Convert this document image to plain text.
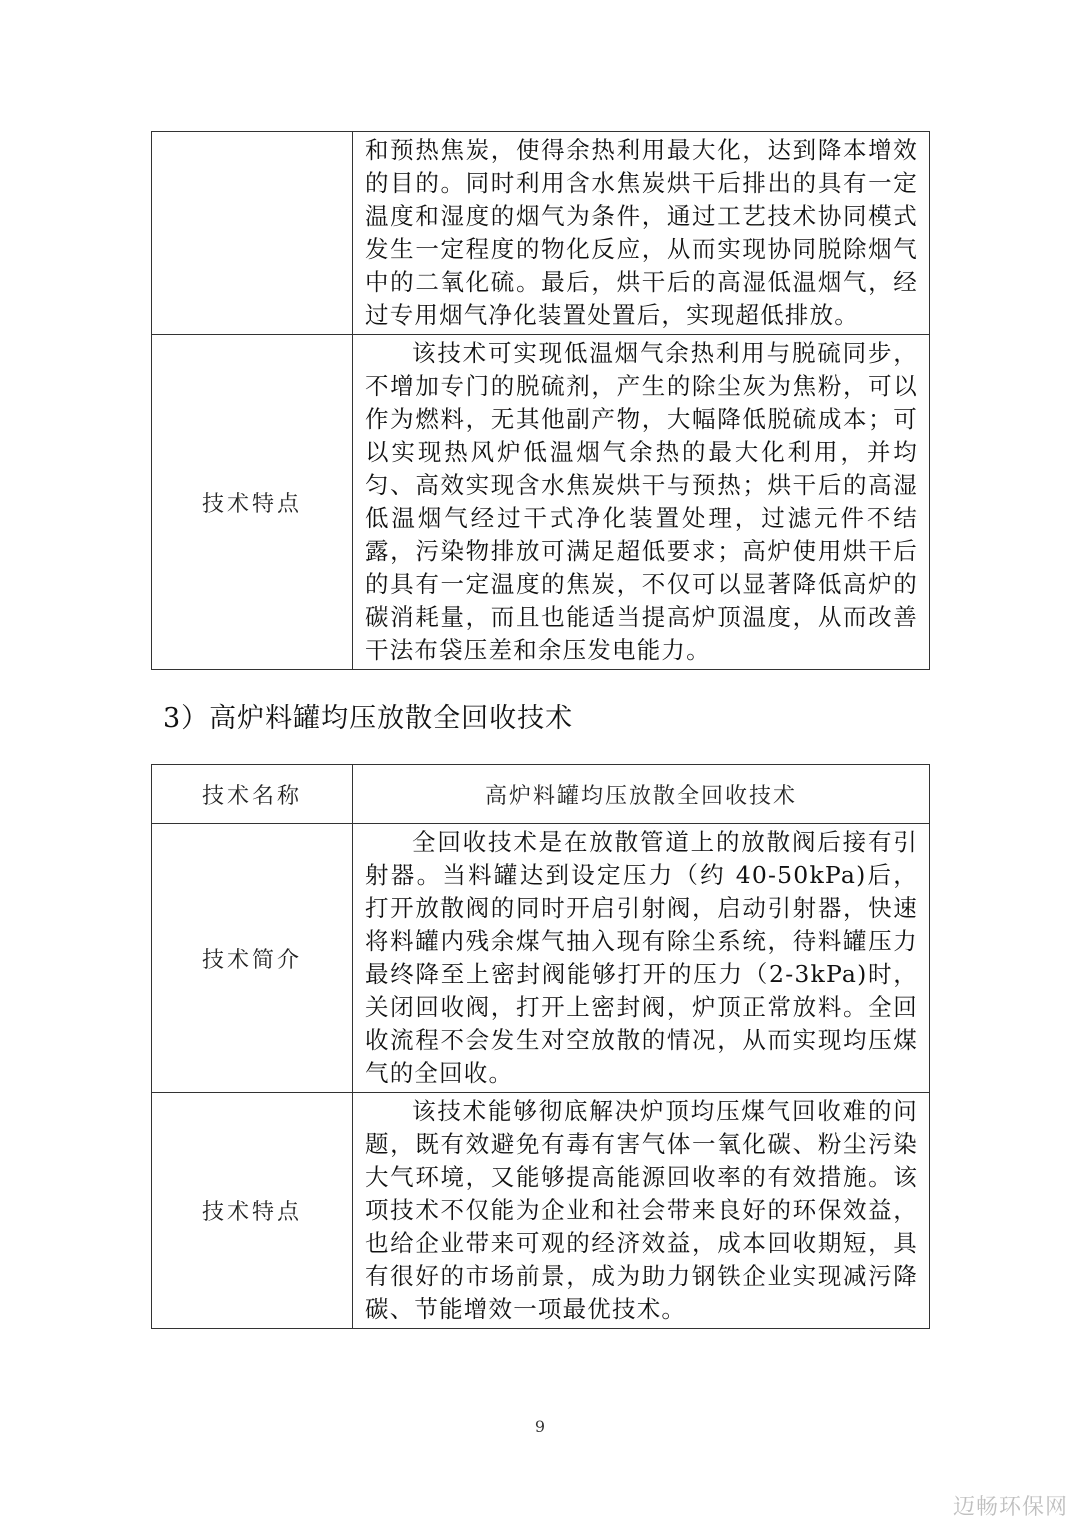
	和预热焦炭，使得余热利用最大化，达到降本增效的目的。同时利用含水焦炭烘干后排出的具有一定温度和湿度的烟气为条件，通过工艺技术协同模式发生一定程度的物化反应，从而实现协同脱除烟气中的二氧化硫。最后，烘干后的高湿低温烟气，经过专用烟气净化装置处置后，实现超低排放。

技术特点	该技术可实现低温烟气余热利用与脱硫同步，不增加专门的脱硫剂，产生的除尘灰为焦粉，可以作为燃料，无其他副产物，大幅降低脱硫成本；可以实现热风炉低温烟气余热的最大化利用，并均匀、高效实现含水焦炭烘干与预热；烘干后的高湿低温烟气经过干式净化装置处理，过滤元件不结露，污染物排放可满足超低要求；高炉使用烘干后的具有一定温度的焦炭，不仅可以显著降低高炉的碳消耗量，而且也能适当提高炉顶温度，从而改善干法布袋压差和余压发电能力。
3）高炉料罐均压放散全回收技术
技术名称	高炉料罐均压放散全回收技术
技术简介	全回收技术是在放散管道上的放散阀后接有引射器。当料罐达到设定压力（约 40-50kPa)后，打开放散阀的同时开启引射阀，启动引射器，快速将料罐内残余煤气抽入现有除尘系统，待料罐压力最终降至上密封阀能够打开的压力（2-3kPa)时，关闭回收阀，打开上密封阀，炉顶正常放料。全回收流程不会发生对空放散的情况，从而实现均压煤气的全回收。

技术特点	该技术能够彻底解决炉顶均压煤气回收难的问题，既有效避免有毒有害气体一氧化碳、粉尘污染大气环境，又能够提高能源回收率的有效措施。该项技术不仅能为企业和社会带来良好的环保效益，也给企业带来可观的经济效益，成本回收期短，具有很好的市场前景，成为助力钢铁企业实现减污降碳、节能增效一项最优技术。
9
迈畅环保网
